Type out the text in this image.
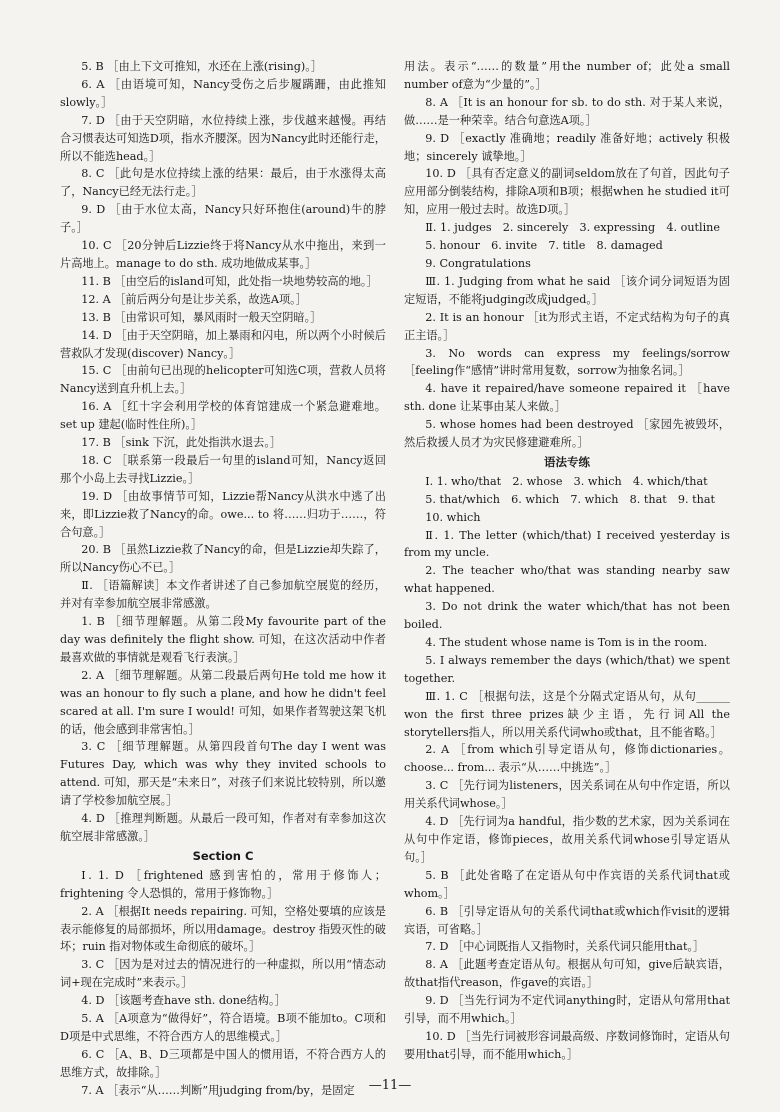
5. B ［由上下文可推知，水还在上涨(rising)。］

6. A ［由语境可知，Nancy受伤之后步履蹒跚，由此推知slowly。］

7. D ［由于天空阴暗，水位持续上涨，步伐越来越慢。再结合习惯表达可知选D项，指水齐腰深。因为Nancy此时还能行走，所以不能选head。］

8. C ［此句是水位持续上涨的结果：最后，由于水涨得太高了，Nancy已经无法行走。］

9. D ［由于水位太高，Nancy只好环抱住(around)牛的脖子。］

10. C ［20分钟后Lizzie终于将Nancy从水中拖出，来到一片高地上。manage to do sth. 成功地做成某事。］

11. B ［由空后的island可知，此处指一块地势较高的地。］

12. A ［前后两分句是让步关系，故选A项。］

13. B ［由常识可知，暴风雨时一般天空阴暗。］

14. D ［由于天空阴暗，加上暴雨和闪电，所以两个小时候后营救队才发现(discover) Nancy。］

15. C ［由前句已出现的helicopter可知选C项，营救人员将Nancy送到直升机上去。］

16. A ［红十字会利用学校的体育馆建成一个紧急避难地。set up 建起(临时性住所)。］

17. B ［sink 下沉，此处指洪水退去。］

18. C ［联系第一段最后一句里的island可知，Nancy返回那个小岛上去寻找Lizzie。］

19. D ［由故事情节可知，Lizzie帮Nancy从洪水中逃了出来，即Lizzie救了Nancy的命。owe... to 将……归功于……，符合句意。］

20. B ［虽然Lizzie救了Nancy的命，但是Lizzie却失踪了，所以Nancy伤心不已。］

Ⅱ. ［语篇解读］本文作者讲述了自己参加航空展览的经历，并对有幸参加航空展非常感激。

1. B ［细节理解题。从第二段My favourite part of the day was definitely the flight show. 可知，在这次活动中作者最喜欢做的事情就是观看飞行表演。］

2. A ［细节理解题。从第二段最后两句He told me how it was an honour to fly such a plane, and how he didn't feel scared at all. I'm sure I would! 可知，如果作者驾驶这架飞机的话，他会感到非常害怕。］

3. C ［细节理解题。从第四段首句The day I went was Futures Day, which was why they invited schools to attend. 可知，那天是“未来日”，对孩子们来说比较特别，所以邀请了学校参加航空展。］

4. D ［推理判断题。从最后一段可知，作者对有幸参加这次航空展非常感激。］

Section C

Ⅰ. 1. D ［frightened 感到害怕的，常用于修饰人；frightening 令人恐惧的，常用于修饰物。］

2. A ［根据It needs repairing. 可知，空格处要填的应该是表示能修复的局部损坏，所以用damage。destroy 指毁灭性的破坏；ruin 指对物体或生命彻底的破坏。］

3. C ［因为是对过去的情况进行的一种虚拟，所以用“情态动词+现在完成时”来表示。］

4. D ［该题考查have sth. done结构。］

5. A ［A项意为“做得好”，符合语境。B项不能加to。C项和D项是中式思维，不符合西方人的思维模式。］

6. C ［A、B、D三项都是中国人的惯用语，不符合西方人的思维方式，故排除。］

7. A ［表示“从……判断”用judging from/by，是固定

用法。表示“……的数量”用the number of；此处a small number of意为“少量的”。］

8. A ［It is an honour for sb. to do sth. 对于某人来说，做……是一种荣幸。结合句意选A项。］

9. D ［exactly 准确地；readily 准备好地；actively 积极地；sincerely 诚挚地。］

10. D ［具有否定意义的副词seldom放在了句首，因此句子应用部分倒装结构，排除A项和B项；根据when he studied it可知，应用一般过去时。故选D项。］

Ⅱ. 1. judges　2. sincerely　3. expressing　4. outline

5. honour　6. invite　7. title　8. damaged

9. Congratulations

Ⅲ. 1. Judging from what he said ［该介词分词短语为固定短语，不能将judging改成judged。］

2. It is an honour ［it为形式主语，不定式结构为句子的真正主语。］

3. No words can express my feelings/sorrow ［feeling作“感情”讲时常用复数，sorrow为抽象名词。］

4. have it repaired/have someone repaired it ［have sth. done 让某事由某人来做。］

5. whose homes had been destroyed ［家园先被毁坏，然后救援人员才为灾民修建避难所。］

语法专练

Ⅰ. 1. who/that　2. whose　3. which　4. which/that

5. that/which　6. which　7. which　8. that　9. that

10. which

Ⅱ. 1. The letter (which/that) I received yesterday is from my uncle.

2. The teacher who/that was standing nearby saw what happened.

3. Do not drink the water which/that has not been boiled.

4. The student whose name is Tom is in the room.

5. I always remember the days (which/that) we spent together.

Ⅲ. 1. C ［根据句法，这是个分隔式定语从句，从句______ won the first three prizes缺少主语，先行词All the storytellers指人，所以用关系代词who或that，且不能省略。］

2. A ［from which引导定语从句，修饰dictionaries。choose... from... 表示“从……中挑选”。］

3. C ［先行词为listeners，因关系词在从句中作定语，所以用关系代词whose。］

4. D ［先行词为a handful，指少数的艺术家，因为关系词在从句中作定语，修饰pieces，故用关系代词whose引导定语从句。］

5. B ［此处省略了在定语从句中作宾语的关系代词that或whom。］

6. B ［引导定语从句的关系代词that或which作visit的逻辑宾语，可省略。］

7. D ［中心词既指人又指物时，关系代词只能用that。］

8. A ［此题考查定语从句。根据从句可知，give后缺宾语，故that指代reason，作gave的宾语。］

9. D ［当先行词为不定代词anything时，定语从句常用that引导，而不用which。］

10. D ［当先行词被形容词最高级、序数词修饰时，定语从句要用that引导，而不能用which。］

—11—
